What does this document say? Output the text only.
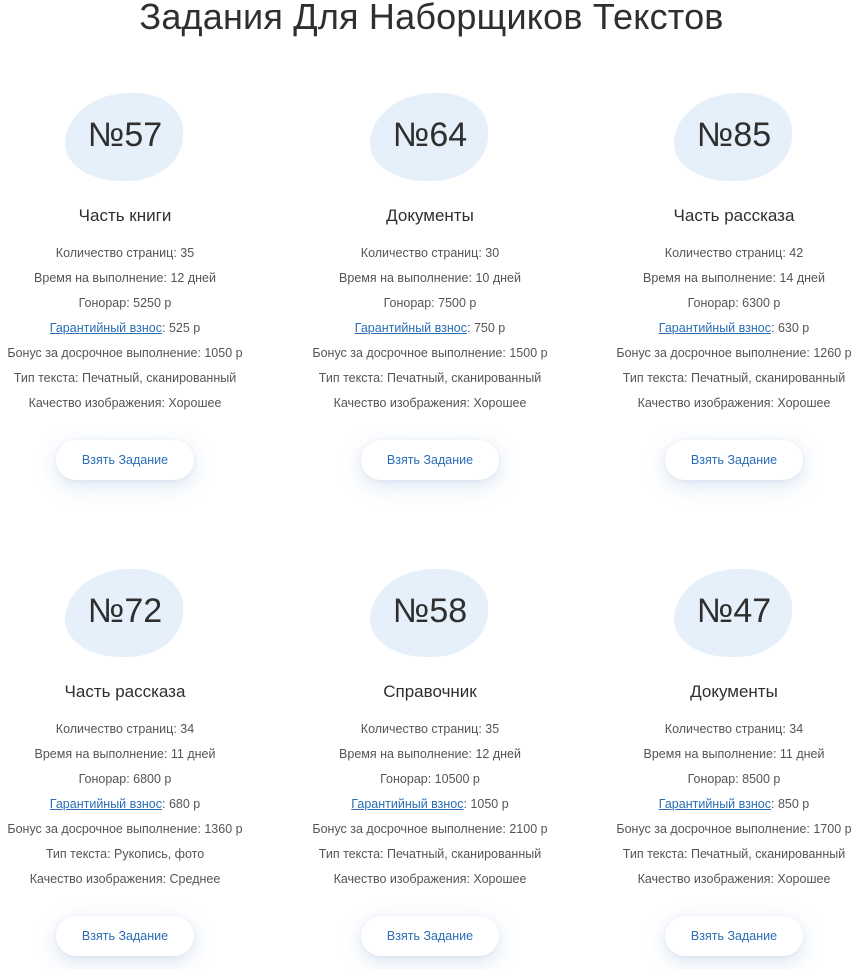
Задания Для Наборщиков Текстов
№57
Часть книги
Количество страниц: 35
Время на выполнение: 12 дней
Гонорар: 5250 р
Гарантийный взнос: 525 р
Бонус за досрочное выполнение: 1050 р
Тип текста: Печатный, сканированный
Качество изображения: Хорошее
Взять Задание
№64
Документы
Количество страниц: 30
Время на выполнение: 10 дней
Гонорар: 7500 р
Гарантийный взнос: 750 р
Бонус за досрочное выполнение: 1500 р
Тип текста: Печатный, сканированный
Качество изображения: Хорошее
Взять Задание
№85
Часть рассказа
Количество страниц: 42
Время на выполнение: 14 дней
Гонорар: 6300 р
Гарантийный взнос: 630 р
Бонус за досрочное выполнение: 1260 р
Тип текста: Печатный, сканированный
Качество изображения: Хорошее
Взять Задание
№72
Часть рассказа
Количество страниц: 34
Время на выполнение: 11 дней
Гонорар: 6800 р
Гарантийный взнос: 680 р
Бонус за досрочное выполнение: 1360 р
Тип текста: Рукопись, фото
Качество изображения: Среднее
Взять Задание
№58
Справочник
Количество страниц: 35
Время на выполнение: 12 дней
Гонорар: 10500 р
Гарантийный взнос: 1050 р
Бонус за досрочное выполнение: 2100 р
Тип текста: Печатный, сканированный
Качество изображения: Хорошее
Взять Задание
№47
Документы
Количество страниц: 34
Время на выполнение: 11 дней
Гонорар: 8500 р
Гарантийный взнос: 850 р
Бонус за досрочное выполнение: 1700 р
Тип текста: Печатный, сканированный
Качество изображения: Хорошее
Взять Задание
